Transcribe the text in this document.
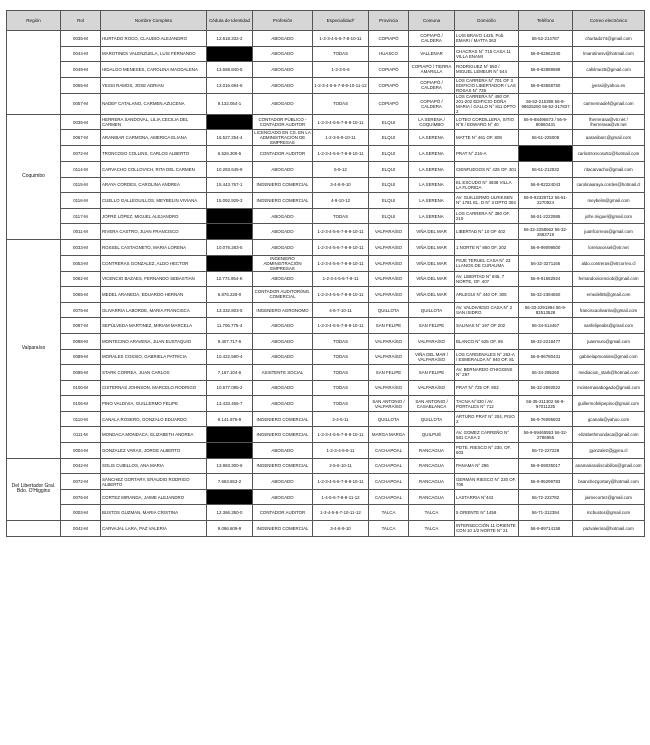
Región	Rol	Nombre Completo	Cédula de Identidad	Profesión	Especialidad*	Provincia	Comuna	Domicilio	Teléfono	Correo electrónico
	0035-M	HURTADO ROCO, CLAUDIO ALEJANDRO	12.618.332-2	ABOGADO	1-2-3-4-5-6-7-8-10-11	COPIAPÓ	COPIAPÓ / CALDERA	LUIS BRAVO 1425, Pob. EMARI / MATTA 363	56-52-214787	churtado74@gmail.com
	0044-M	MAROTINES VALENZUELA, LUIS FERNANDO		ABOGADO	TODAS	HUASCO	VALLENAR	CHACRAS N° 715 CASA 11 VILLA ENAMI	56-9-52662340	lmarotinesv@hotmail.com
	0049-M	HIDALGO MENESES, CAROLINA MAGDALENA	13.698.840-5	ABOGADO	1-2-3-5-6	COPIAPÓ	COPIAPÓ / TIERRA AMARILLA	RODRIGUEZ N° 550 / MIGUEL LEMEUR N° 544	56-9-82889988	cahilme25@gmail.com
	0055-M	YESSI RAMOS, JOSE ADRIAN	13.016.694-6	ABOGADO	1-2-3-4-5-6-7-8-9-10-11-12	COPIAPÓ	COPIAPÓ / CALDERA	LOS CARRERA N° 701 OF 3 EDIFICIO LIBERTADOR / LAS ROSAS N° 735	56-9-93558750	jyessi@yahoo.es
	0057-M	NADEF CATALANO, CARMEN AZUCENA	9.132.054-1	ABOGADO	TODAS	COPIAPÓ	COPIAPÓ / CALDERA	LOS CARRERA N° 490 OF. 201-202 EDIFICIO DOÑA MARIA / GALLO N° 811 DPTO 2	56-52-215398 56-9-98625250 56-52-317837	carmennadef@gmail.com
Coquimbo	0035-M	HERRERA SANDOVAL, LILIA CECILIA DEL CARMEN		CONTADOR PÚBLICO - CONTADOR AUDITOR	1-2-3-4-5-6-7-8-9-10-11	ELQUI	LA SERENA / COQUIMBO	LOTEO CORDILLERA, SITIO N°8 / EDWARD N° 40	56-9-88496673 / 56-9-80860431	lherrerasa@vtr.net / lherrerasa@vtr.net
	0067-M	ARANIBAR CARMONA, AMERICA ELIANA	16.527.254-4	LICENCIADO EN CS. EN LA ADMINISTRACIÓN DE EMPRESAS	1-2-3-5-9-10-11	ELQUI	LA SERENA	MATTE N° 461 OF. 808	56-51-225008	aaranibarc@gmail.com
	0072-M	TRONCOSO COLLINS, CARLOS ALBERTO	6.526.309-5	CONTADOR AUDITOR	1-2-3-4-5-6-7-8-9-10-11	ELQUI	LA SERENA	PRAT N° 216-A		carlostroncoso51@hotmail.com
	0114-M	CARVACHO COLLOVICH, RITA DEL CARMEN	10.283.645-9	ABOGADO	5-9-12	ELQUI	LA SERENA	CIENFUEGOS N° 425 OF. 301	56-51-212532	ritacarvacho@gmail.com
	0115-M	ARAYA CORDES, CAROLINA ANDREA	15.443.767-1	INGENIERO COMERCIAL	3-4-8-9-10	ELQUI	LA SERENA	EL ESCUDO N° 4938 VILLA LA FLORIDA	56-9-82224043	carolinaaraya.cordes@hotmail.cl
	0116-M	CUELLO GALLEGUILLOS, MEYBELIN VIVIANA	15.092.929-3	INGENIERO COMERCIAL	4-9-10-12	ELQUI	LA SERENA	AV. GUILLERMO ULRIKSEN N° 1781 EL. D N° 3 DPTO 304	56-9-92329712 56-51-2270924	meybelin@gmail.com
	0117-M	JOFRÉ LÓPEZ, MIGUEL ALEJANDRO		ABOGADO	TODAS	ELQUI	LA SERENA	LOS CARRERA N° 380 OF. 210	56-51-2222985	jofre.miguel@gmail.com
	0011-M	RIVERA CASTRO, JUAN FRANCISCO		ABOGADO	1-2-3-4-5-6-7-8-9-10-11	VALPARAÍSO	VIÑA DEL MAR	LIBERTAD N° 10 OF 402	56-32-2258562 56-32-2883719	juanfcorreos@gmail.com
Valparaíso	0033-M	ROSSEL CASTAGNETO, MARIA LORENA	10.076.283-5	ABOGADO	1-2-3-4-5-6-7-8-9-10-11	VALPARAÍSO	VIÑA DEL MAR	1 NORTE N° 860 OF. 202	56-9-99099500	lorenarossel@vtr.net
	0053-M	CONTRERAS GONZALEZ, ALDO HECTOR		INGENIERO ADMINISTRACIÓN EMPRESAS	1-2-3-4-5-6-7-8-9-10-11	VALPARAÍSO	VIÑA DEL MAR	PSJE TERUEL CASA N° 23 LLANOS DE CURAUMA	56-32-3271165	aldo.contreras@vtrcorreo.cl
	0062-M	VICENCIO BAZAES, FERNANDO SEBASTIAN	12.774.954-K	ABOGADO	1-2-3-4-5-6-7-9-11	VALPARAÍSO	VIÑA DEL MAR	AV. LIBERTAD N° 845, 7 NORTE, OF. 407	56-9-91682924	fernandovicenciob@gmail.com
	0065-M	MEDEL ARANEDA, EDUARDO HERNÁN	6.876.228-0	CONTADOR AUDITOR/ING. COMERCIAL	1-2-3-4-5-6-7-8-9-10-11	VALPARAÍSO	VIÑA DEL MAR	ARLEGUI N° 440 OF. 305	56-32-2394650	emedel55@gmail.com
	0075-M	OLIVARRIA LABORDE, MARIA FRANCISCA	13.332.803-5	INGENIERO AGRONOMO	4-6-7-10-11	QUILLOTA	QUILLOTA	AV. VALDIVIESO CASA N° 2 SAN ISIDRO	56-33-2291994 56-9-82513528	franciscaolivarria@gmail.com
	0087-M	SEPÚLVEDA MARTINEZ, MIRIAM MARCELA	11.706.775-4	ABOGADO	1-2-3-4-5-6-7-8-9-10-11	SAN FELIPE	SAN FELIPE	SALINAS N° 197 OF 202	56-34-514467	sanfelipeabs@gmail.com
	0088-M	MONTECINO ARAVENA, JUAN EUSTAQUIO	9.407.717-6	ABOGADO	TODAS	VALPARAÍSO	VALPARAÍSO	BLANCO N° 625 OF. 86	56-32-2218477	juanmuro@gmail.com
	0089-M	MORALES COSSIO, GABRIELA PATRICIA	10.422.590-4	ABOGADO	TODAS	VALPARAÍSO	VIÑA DEL MAR / VALPARAÍSO	LOS CARDENALES N° 262-A / ESMERALDA N° 940 OF. 81	56-9-96780431	gabrielapmorales@gmail.com
	0095-M	STARK CORREA, JUAN CARLOS	7.167.104-6	ASISTENTE SOCIAL	TODAS	SAN FELIPE	SAN FELIPE	AV. BERNARDO O'HIGGINS N° 297	56-34-295260	mediacion_stark@hotmail.com
	0100-M	CISTERNAS JOHNSON, MARCELO RODRIGO	10.677.085-2	ABOGADO	TODAS	VALPARAÍSO	VALPARAÍSO	PRAT N° 725 OF. 803	56-32-2592522	mcisternasabogado@gmail.com
	0106-M	PINO VALDIVIA, GUILLERMO FELIPE	13.433.465-7	ABOGADO	TODAS	SAN ANTONIO / VALPARAÍSO	SAN ANTONIO / CASABLANCA	TACNA N°430 / AV. PORTALES N° 712	56-35-211302 56-9-97011225	guillermofelipepino@gmail.com
	0110-M	CANALA ROSERO, GONZALO EDUARDO	9.141.976-9	INGENIERO COMERCIAL	2-4-5-11	QUILLOTA	QUILLOTA	ARTURO PRAT N° 204, PISO 2	56-9-76095503	gcanala@yahoo.com
	0111-M	MONDACA MONDACA, ELIZABETH ANDREA		INGENIERO COMERCIAL	1-2-3-4-5-6-7-8-9-10-11	MARGA MARGA	QUILPUÉ	AV. GOMEZ CARREÑO N° 581 CASA 2	56-9-59465553 56-32-2786955	elizabethmondaca@gmail.com
	0004-M	GONZALEZ VARAS, JORGE ALBERTO		ABOGADO	1-2-3-4-5-8-11	CACHAPOAL	RANCAGUA	PDTE. RIESCO N° 230, OF. 603	56-72-227228	jgonzalez@jgyea.cl
Del Libertador Gral. Bdo. O'Higgins	0042-M	SOLIS CUBILLOS, ANA MARIA	13.983.300-6	INGENIERO COMERCIAL	2-5-6-10-11	CACHAPOAL	RANCAGUA	PANAMA N° 296	56-9-59035017	anamariasoliscubillos@gmail.com
	0072-M	SÁNCHEZ GORTARY, ERAUDIO RODRIGO ALBERTO	7.663.653-2	ABOGADO	1-2-3-4-5-6-7-8-9-10-11	CACHAPOAL	RANCAGUA	GERMÁN RIESCO N° 230 OF. 706	56-9-95299783	bsanchezgortary@hotmail.com
	0076-M	CORTEZ MIRANDA, JAIME ALEJANDRO		ABOGADO	1-4-5-6-7-8-9-11-12	CACHAPOAL	RANCAGUA	LASTARRIA N°442	56-72-222782	jaimecortez@gmail.com
	0003-M	BUSTOS GUZMAN, MARIA CRISTINA	12.366.350-0	CONTADOR AUDITOR	1-3-4-5-6-7-10-11-12	TALCA	TALCA	5 ORIENTE N° 1459	56-71-312394	mcbustos@gmail.com
	0042-M	CARVAJAL LARA, PAZ VALERIA	9.096.609-9	INGENIERO COMERCIAL	3-4-8-9-10	TALCA	TALCA	INTERSECCIÓN 11 ORIENTE CON 10 1/2 NORTE N° 21	56-9-89714158	pazvalerina@hotmail.com
